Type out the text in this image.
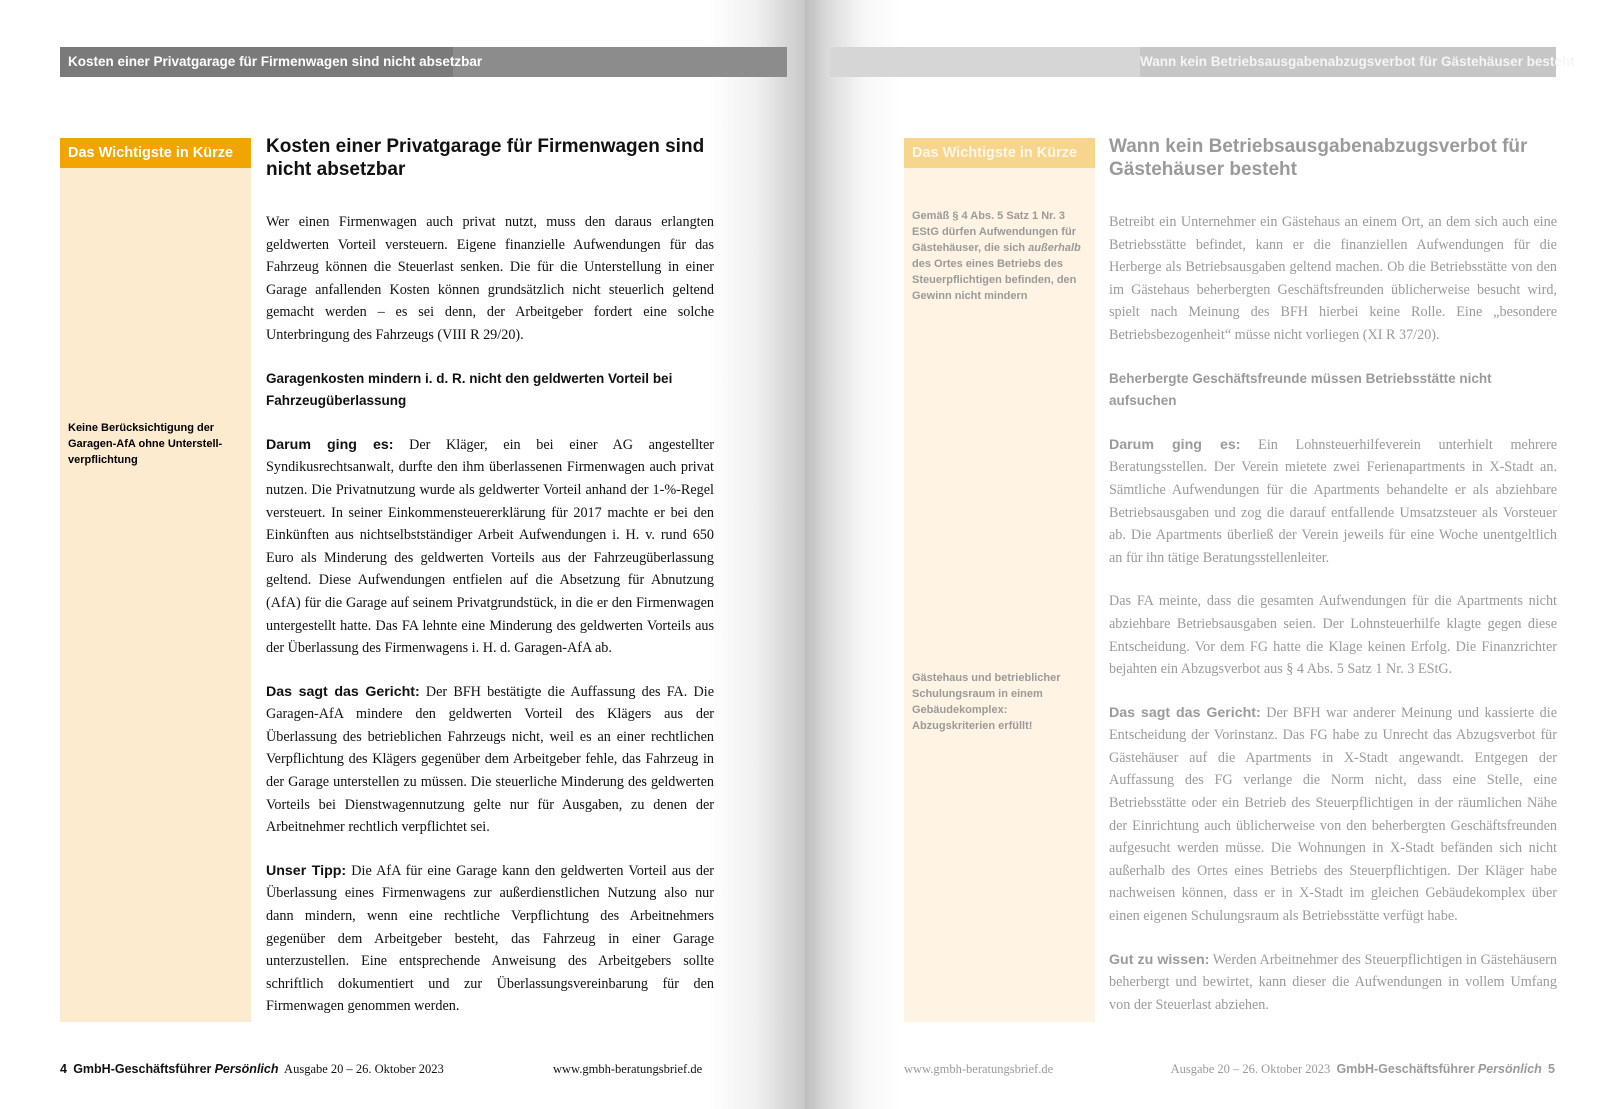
Kosten einer Privatgarage für Firmenwagen sind nicht absetzbar
Das Wichtigste in Kürze
Keine Berücksichtigung der Garagen-AfA ohne Unterstell-verpflichtung
Kosten einer Privatgarage für Firmenwagen sind nicht absetzbar
Wer einen Firmenwagen auch privat nutzt, muss den daraus erlangten geldwerten Vorteil versteuern. Eigene finanzielle Aufwendungen für das Fahrzeug können die Steuerlast senken. Die für die Unterstellung in einer Garage anfallenden Kosten können grundsätzlich nicht steuerlich geltend gemacht werden – es sei denn, der Arbeitgeber fordert eine solche Unterbringung des Fahrzeugs (VIII R 29/20).
Garagenkosten mindern i. d. R. nicht den geldwerten Vorteil bei Fahrzeugüberlassung
Darum ging es: Der Kläger, ein bei einer AG angestellter Syndikusrechtsanwalt, durfte den ihm überlassenen Firmenwagen auch privat nutzen. Die Privatnutzung wurde als geldwerter Vorteil anhand der 1-%-Regel versteuert. In seiner Einkommensteuererklärung für 2017 machte er bei den Einkünften aus nichtselbstständiger Arbeit Aufwendungen i. H. v. rund 650 Euro als Minderung des geldwerten Vorteils aus der Fahrzeugüberlassung geltend. Diese Aufwendungen entfielen auf die Absetzung für Abnutzung (AfA) für die Garage auf seinem Privatgrundstück, in die er den Firmenwagen untergestellt hatte. Das FA lehnte eine Minderung des geldwerten Vorteils aus der Überlassung des Firmenwagens i. H. d. Garagen-AfA ab.
Das sagt das Gericht: Der BFH bestätigte die Auffassung des FA. Die Garagen-AfA mindere den geldwerten Vorteil des Klägers aus der Überlassung des betrieblichen Fahrzeugs nicht, weil es an einer rechtlichen Verpflichtung des Klägers gegenüber dem Arbeitgeber fehle, das Fahrzeug in der Garage unterstellen zu müssen. Die steuerliche Minderung des geldwerten Vorteils bei Dienstwagennutzung gelte nur für Ausgaben, zu denen der Arbeitnehmer rechtlich verpflichtet sei.
Unser Tipp: Die AfA für eine Garage kann den geldwerten Vorteil aus der Überlassung eines Firmenwagens zur außerdienstlichen Nutzung also nur dann mindern, wenn eine rechtliche Verpflichtung des Arbeitnehmers gegenüber dem Arbeitgeber besteht, das Fahrzeug in einer Garage unterzustellen. Eine entsprechende Anweisung des Arbeitgebers sollte schriftlich dokumentiert und zur Überlassungsvereinbarung für den Firmenwagen genommen werden.
4 GmbH-Geschäftsführer Persönlich Ausgabe 20 – 26. Oktober 2023	www.gmbh-beratungsbrief.de
Wann kein Betriebsausgabenabzugsverbot für Gästehäuser besteht
Das Wichtigste in Kürze
Gemäß § 4 Abs. 5 Satz 1 Nr. 3 EStG dürfen Aufwendungen für Gästehäuser, die sich außerhalb des Ortes eines Betriebs des Steuerpflichtigen befinden, den Gewinn nicht mindern
Gästehaus und betrieblicher Schulungsraum in einem Gebäudekomplex: Abzugskriterien erfüllt!
Wann kein Betriebsausgabenabzugsverbot für Gästehäuser besteht
Betreibt ein Unternehmer ein Gästehaus an einem Ort, an dem sich auch eine Betriebsstätte befindet, kann er die finanziellen Aufwendungen für die Herberge als Betriebsausgaben geltend machen. Ob die Betriebsstätte von den im Gästehaus beherbergten Geschäftsfreunden üblicherweise besucht wird, spielt nach Meinung des BFH hierbei keine Rolle. Eine „besondere Betriebsbezogenheit“ müsse nicht vorliegen (XI R 37/20).
Beherbergte Geschäftsfreunde müssen Betriebsstätte nicht aufsuchen
Darum ging es: Ein Lohnsteuerhilfeverein unterhielt mehrere Beratungsstellen. Der Verein mietete zwei Ferienapartments in X-Stadt an. Sämtliche Aufwendungen für die Apartments behandelte er als abziehbare Betriebsausgaben und zog die darauf entfallende Umsatzsteuer als Vorsteuer ab. Die Apartments überließ der Verein jeweils für eine Woche unentgeltlich an für ihn tätige Beratungsstellenleiter.
Das FA meinte, dass die gesamten Aufwendungen für die Apartments nicht abziehbare Betriebsausgaben seien. Der Lohnsteuerhilfe klagte gegen diese Entscheidung. Vor dem FG hatte die Klage keinen Erfolg. Die Finanzrichter bejahten ein Abzugsverbot aus § 4 Abs. 5 Satz 1 Nr. 3 EStG.
Das sagt das Gericht: Der BFH war anderer Meinung und kassierte die Entscheidung der Vorinstanz. Das FG habe zu Unrecht das Abzugsverbot für Gästehäuser auf die Apartments in X-Stadt angewandt. Entgegen der Auffassung des FG verlange die Norm nicht, dass eine Stelle, eine Betriebsstätte oder ein Betrieb des Steuerpflichtigen in der räumlichen Nähe der Einrichtung auch üblicherweise von den beherbergten Geschäftsfreunden aufgesucht werden müsse. Die Wohnungen in X-Stadt befänden sich nicht außerhalb des Ortes eines Betriebs des Steuerpflichtigen. Der Kläger habe nachweisen können, dass er in X-Stadt im gleichen Gebäudekomplex über einen eigenen Schulungsraum als Betriebsstätte verfügt habe.
Gut zu wissen: Werden Arbeitnehmer des Steuerpflichtigen in Gästehäusern beherbergt und bewirtet, kann dieser die Aufwendungen in vollem Umfang von der Steuerlast abziehen.
www.gmbh-beratungsbrief.de	Ausgabe 20 – 26. Oktober 2023 GmbH-Geschäftsführer Persönlich 5
